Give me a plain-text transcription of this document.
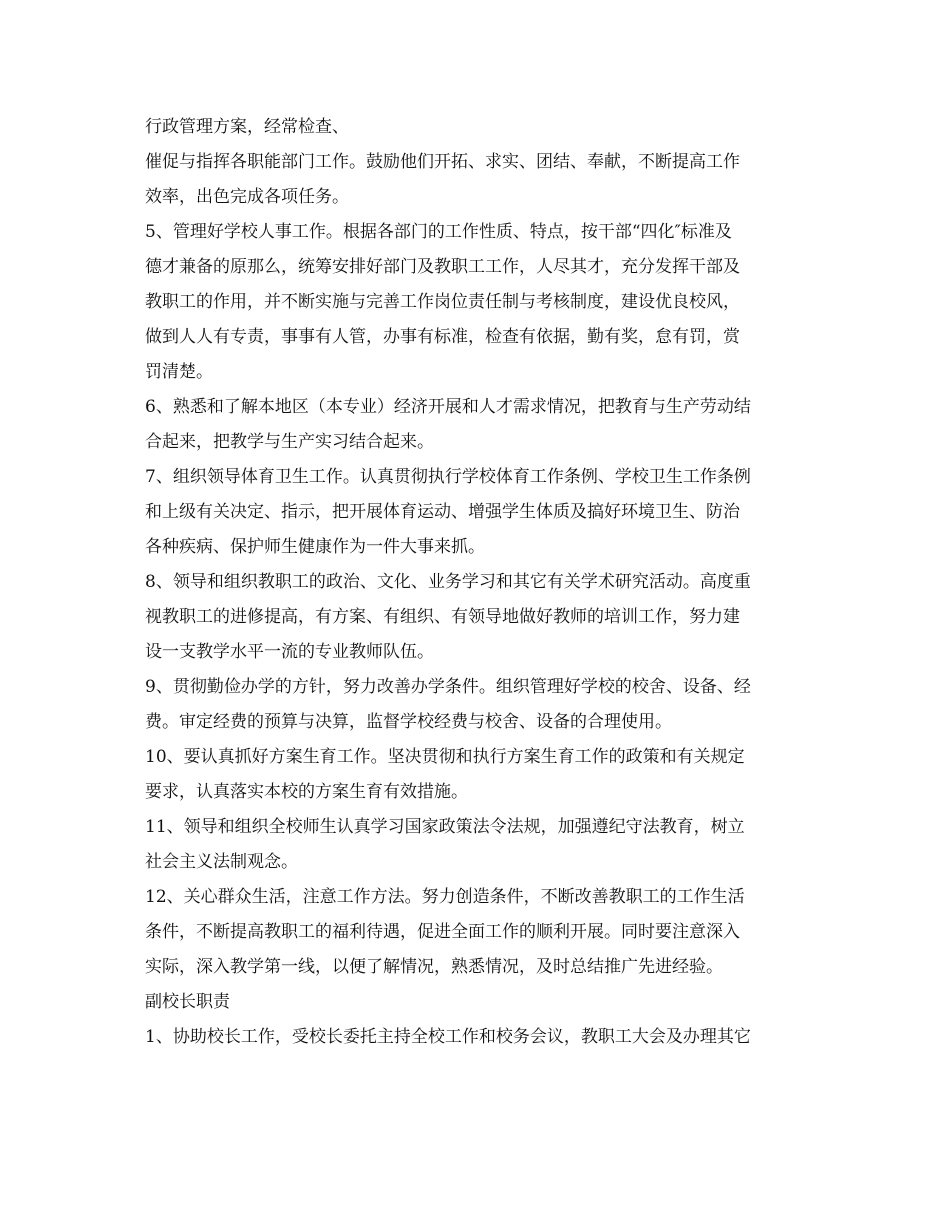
行政管理方案，经常检查、

催促与指挥各职能部门工作。鼓励他们开拓、求实、团结、奉献，不断提高工作
效率，出色完成各项任务。

5、管理好学校人事工作。根据各部门的工作性质、特点，按干部“四化″标准及
德才兼备的原那么，统筹安排好部门及教职工工作，人尽其才，充分发挥干部及
教职工的作用，并不断实施与完善工作岗位责任制与考核制度，建设优良校风，
做到人人有专责，事事有人管，办事有标准，检查有依据，勤有奖，怠有罚，赏
罚清楚。

6、熟悉和了解本地区（本专业）经济开展和人才需求情况，把教育与生产劳动结
合起来，把教学与生产实习结合起来。

7、组织领导体育卫生工作。认真贯彻执行学校体育工作条例、学校卫生工作条例
和上级有关决定、指示，把开展体育运动、增强学生体质及搞好环境卫生、防治
各种疾病、保护师生健康作为一件大事来抓。

8、领导和组织教职工的政治、文化、业务学习和其它有关学术研究活动。高度重
视教职工的进修提高，有方案、有组织、有领导地做好教师的培训工作，努力建
设一支教学水平一流的专业教师队伍。

9、贯彻勤俭办学的方针，努力改善办学条件。组织管理好学校的校舍、设备、经
费。审定经费的预算与决算，监督学校经费与校舍、设备的合理使用。

10、要认真抓好方案生育工作。坚决贯彻和执行方案生育工作的政策和有关规定
要求，认真落实本校的方案生育有效措施。

11、领导和组织全校师生认真学习国家政策法令法规，加强遵纪守法教育，树立
社会主义法制观念。

12、关心群众生活，注意工作方法。努力创造条件，不断改善教职工的工作生活
条件，不断提高教职工的福利待遇，促进全面工作的顺利开展。同时要注意深入
实际，深入教学第一线，以便了解情况，熟悉情况，及时总结推广先进经验。

副校长职责

1、协助校长工作，受校长委托主持全校工作和校务会议，教职工大会及办理其它
